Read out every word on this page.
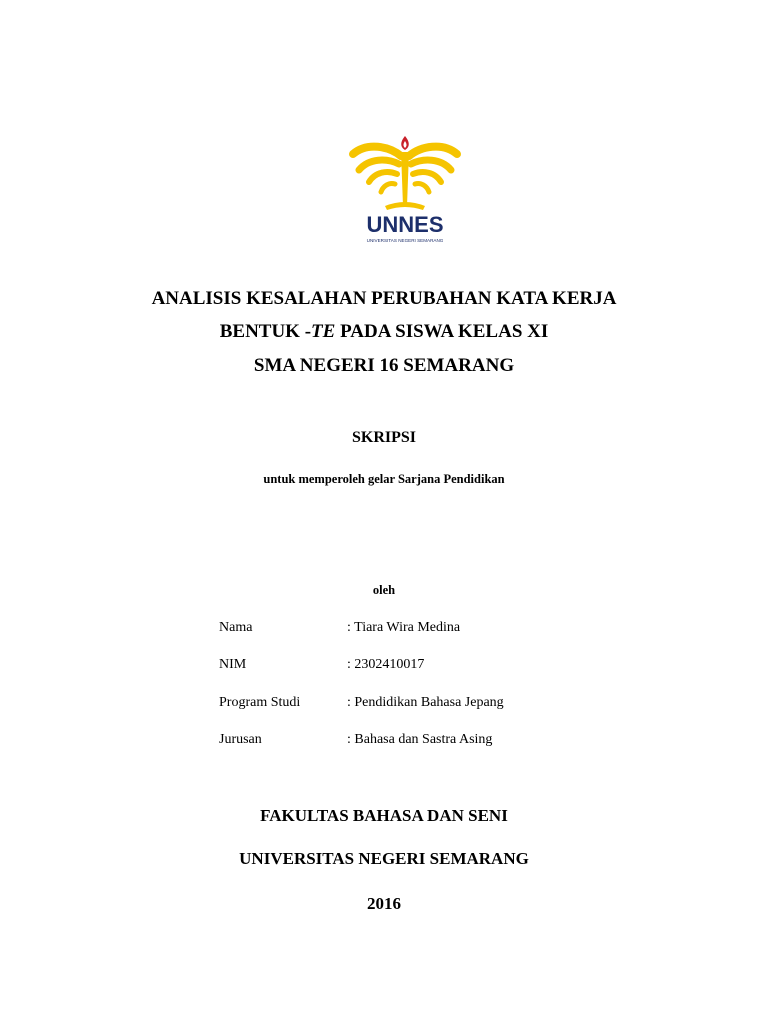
UNNES
UNIVERSITAS NEGERI SEMARANG
ANALISIS KESALAHAN PERUBAHAN KATA KERJA
BENTUK -TE PADA SISWA KELAS XI
SMA NEGERI 16 SEMARANG
SKRIPSI
untuk memperoleh gelar Sarjana Pendidikan
oleh
Nama	: Tiara Wira Medina
NIM	: 2302410017
Program Studi	: Pendidikan Bahasa Jepang
Jurusan	: Bahasa dan Sastra Asing
FAKULTAS BAHASA DAN SENI
UNIVERSITAS NEGERI SEMARANG
2016
